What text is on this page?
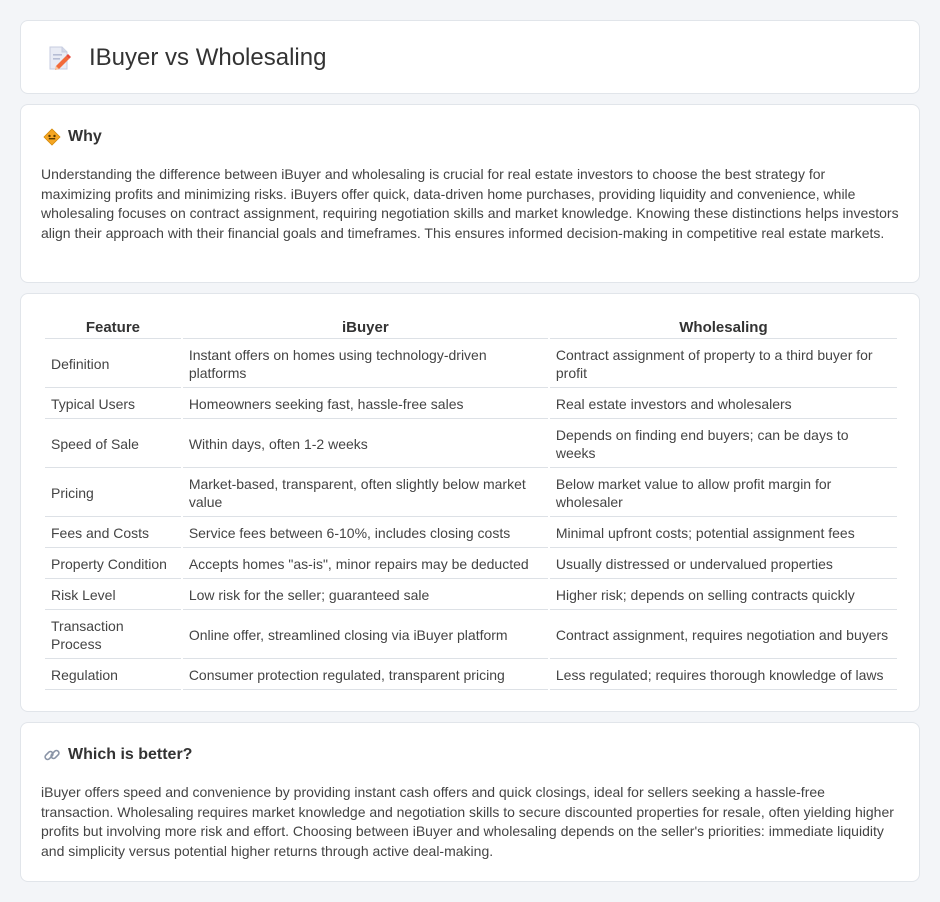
IBuyer vs Wholesaling
Why

Understanding the difference between iBuyer and wholesaling is crucial for real estate investors to choose the best strategy for maximizing profits and minimizing risks. iBuyers offer quick, data-driven home purchases, providing liquidity and convenience, while wholesaling focuses on contract assignment, requiring negotiation skills and market knowledge. Knowing these distinctions helps investors align their approach with their financial goals and timeframes. This ensures informed decision-making in competitive real estate markets.

Feature	iBuyer	Wholesaling
Definition	Instant offers on homes using technology-driven platforms	Contract assignment of property to a third buyer for profit
Typical Users	Homeowners seeking fast, hassle-free sales	Real estate investors and wholesalers
Speed of Sale	Within days, often 1-2 weeks	Depends on finding end buyers; can be days to weeks
Pricing	Market-based, transparent, often slightly below market value	Below market value to allow profit margin for wholesaler
Fees and Costs	Service fees between 6-10%, includes closing costs	Minimal upfront costs; potential assignment fees
Property Condition	Accepts homes "as-is", minor repairs may be deducted	Usually distressed or undervalued properties
Risk Level	Low risk for the seller; guaranteed sale	Higher risk; depends on selling contracts quickly
Transaction Process	Online offer, streamlined closing via iBuyer platform	Contract assignment, requires negotiation and buyers
Regulation	Consumer protection regulated, transparent pricing	Less regulated; requires thorough knowledge of laws
Which is better?

iBuyer offers speed and convenience by providing instant cash offers and quick closings, ideal for sellers seeking a hassle-free transaction. Wholesaling requires market knowledge and negotiation skills to secure discounted properties for resale, often yielding higher profits but involving more risk and effort. Choosing between iBuyer and wholesaling depends on the seller's priorities: immediate liquidity and simplicity versus potential higher returns through active deal-making.
